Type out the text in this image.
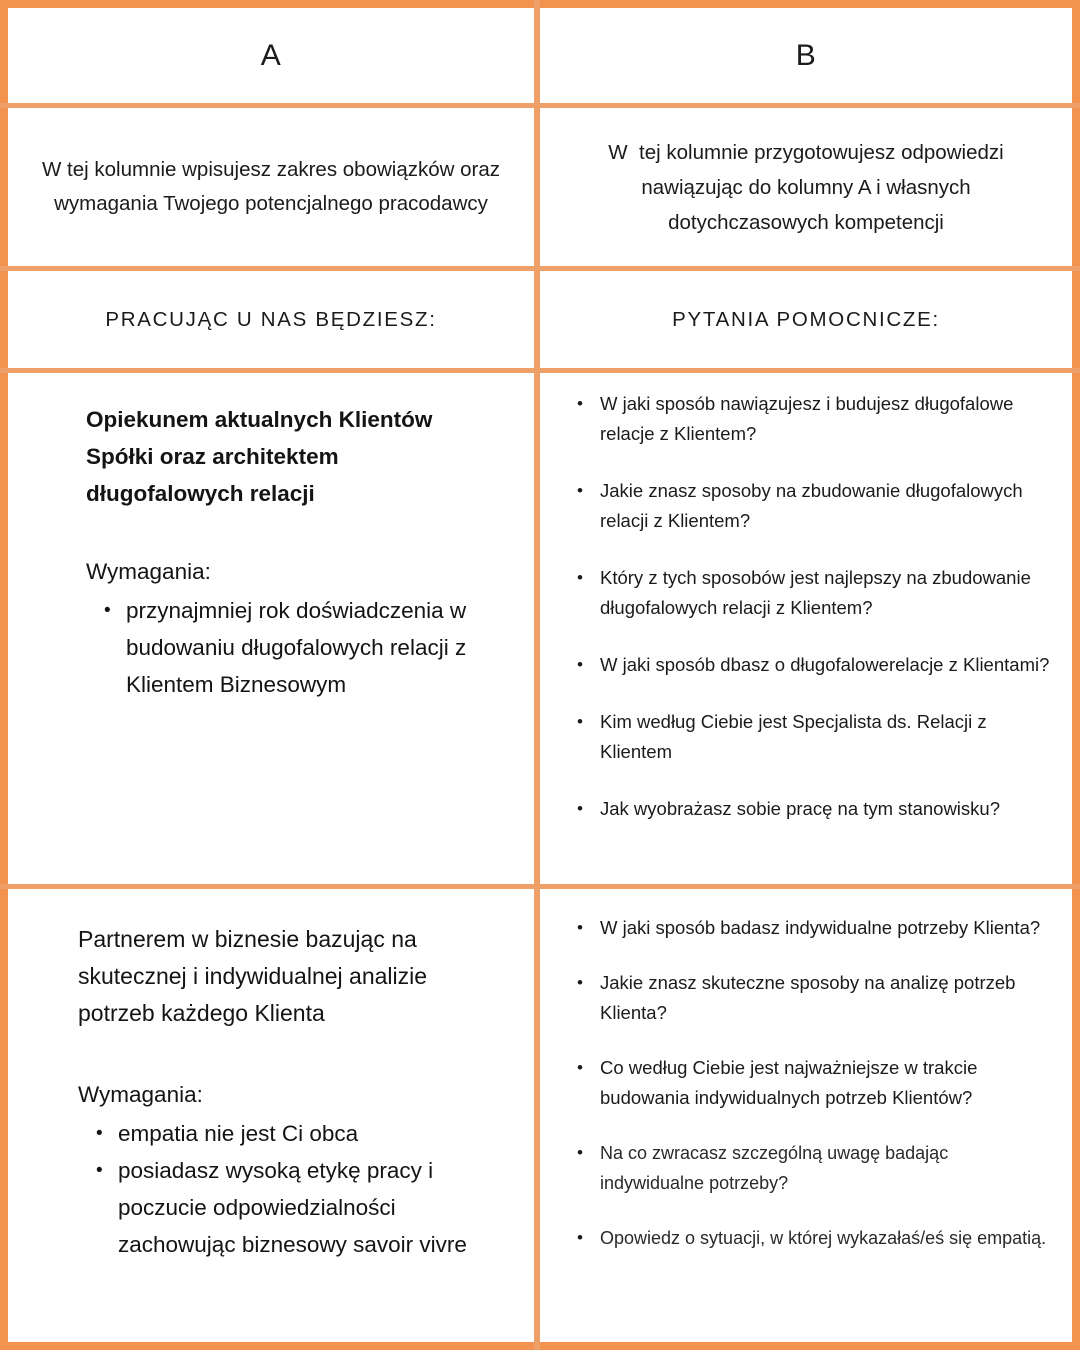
A	B

W tej kolumnie wpisujesz zakres obowiązków oraz wymagania Twojego potencjalnego pracodawcy

W  tej kolumnie przygotowujesz odpowiedzi nawiązując do kolumny A i własnych dotychczasowych kompetencji

PRACUJĄC U NAS BĘDZIESZ:	PYTANIA POMOCNICZE:

Opiekunem aktualnych Klientów Spółki oraz architektem długofalowych relacji

Wymagania:

• przynajmniej rok doświadczenia w budowaniu długofalowych relacji z Klientem Biznesowym
• W jaki sposób nawiązujesz i budujesz długofalowe relacje z Klientem?
• Jakie znasz sposoby na zbudowanie długofalowych relacji z Klientem?
• Który z tych sposobów jest najlepszy na zbudowanie długofalowych relacji z Klientem?
• W jaki sposób dbasz o długofalowerelacje z Klientami?
• Kim według Ciebie jest Specjalista ds. Relacji z Klientem
• Jak wyobrażasz sobie pracę na tym stanowisku?

Partnerem w biznesie bazując na skutecznej i indywidualnej analizie potrzeb każdego Klienta

Wymagania:

• empatia nie jest Ci obca
• posiadasz wysoką etykę pracy i poczucie odpowiedzialności zachowując biznesowy savoir vivre
• W jaki sposób badasz indywidualne potrzeby Klienta?
• Jakie znasz skuteczne sposoby na analizę potrzeb Klienta?
• Co według Ciebie jest najważniejsze w trakcie budowania indywidualnych potrzeb Klientów?
• Na co zwracasz szczególną uwagę badając indywidualne potrzeby?
• Opowiedz o sytuacji, w której wykazałaś/eś się empatią.
